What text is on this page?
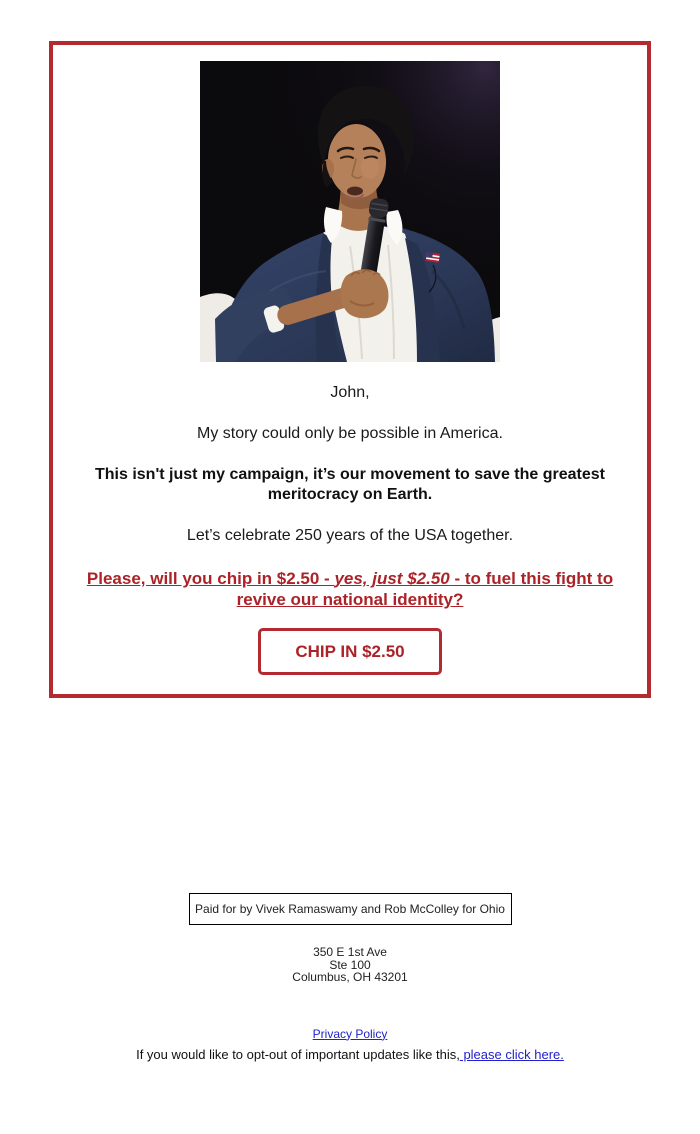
John,

My story could only be possible in America.

This isn't just my campaign, it’s our movement to save the greatest meritocracy on Earth.

Let’s celebrate 250 years of the USA together.

Please, will you chip in $2.50 - yes, just $2.50 - to fuel this fight to revive our national identity?
CHIP IN $2.50
Paid for by Vivek Ramaswamy and Rob McColley for Ohio
350 E 1st Ave
Ste 100
Columbus, OH 43201
Privacy Policy
If you would like to opt-out of important updates like this, please click here.
